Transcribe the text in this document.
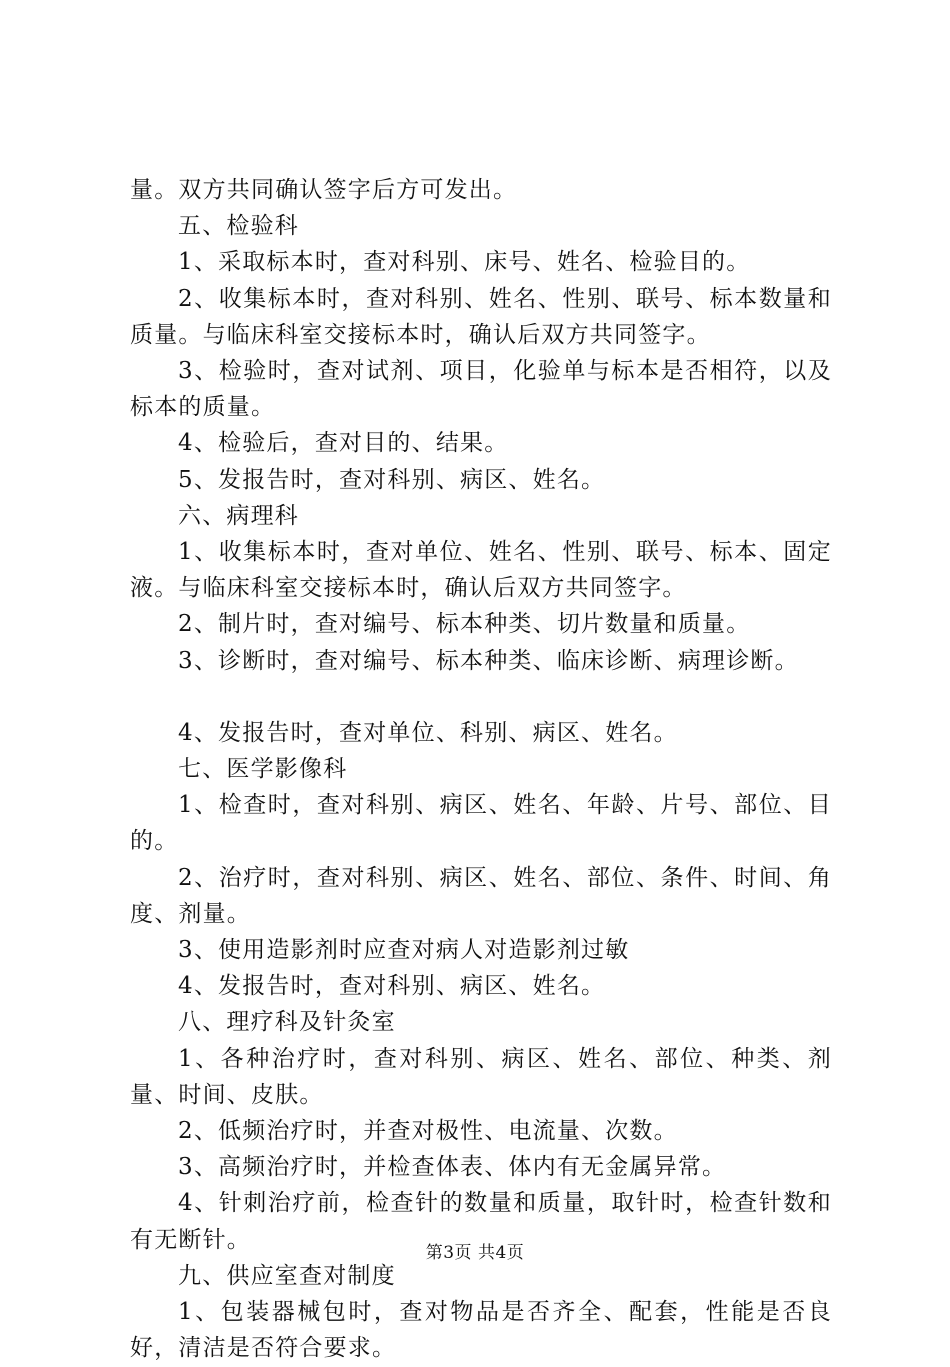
量。双方共同确认签字后方可发出。

五、检验科

1、采取标本时，查对科别、床号、姓名、检验目的。

2、收集标本时，查对科别、姓名、性别、联号、标本数量和质量。与临床科室交接标本时，确认后双方共同签字。

3、检验时，查对试剂、项目，化验单与标本是否相符，以及标本的质量。

4、检验后，查对目的、结果。

5、发报告时，查对科别、病区、姓名。

六、病理科

1、收集标本时，查对单位、姓名、性别、联号、标本、固定液。与临床科室交接标本时，确认后双方共同签字。

2、制片时，查对编号、标本种类、切片数量和质量。

3、诊断时，查对编号、标本种类、临床诊断、病理诊断。

4、发报告时，查对单位、科别、病区、姓名。

七、医学影像科

1、检查时，查对科别、病区、姓名、年龄、片号、部位、目的。

2、治疗时，查对科别、病区、姓名、部位、条件、时间、角度、剂量。

3、使用造影剂时应查对病人对造影剂过敏

4、发报告时，查对科别、病区、姓名。

八、理疗科及针灸室

1、各种治疗时，查对科别、病区、姓名、部位、种类、剂量、时间、皮肤。

2、低频治疗时，并查对极性、电流量、次数。

3、高频治疗时，并检查体表、体内有无金属异常。

4、针刺治疗前，检查针的数量和质量，取针时，检查针数和有无断针。

九、供应室查对制度

1、包装器械包时，查对物品是否齐全、配套，性能是否良好，清洁是否符合要求。

第3页 共4页
